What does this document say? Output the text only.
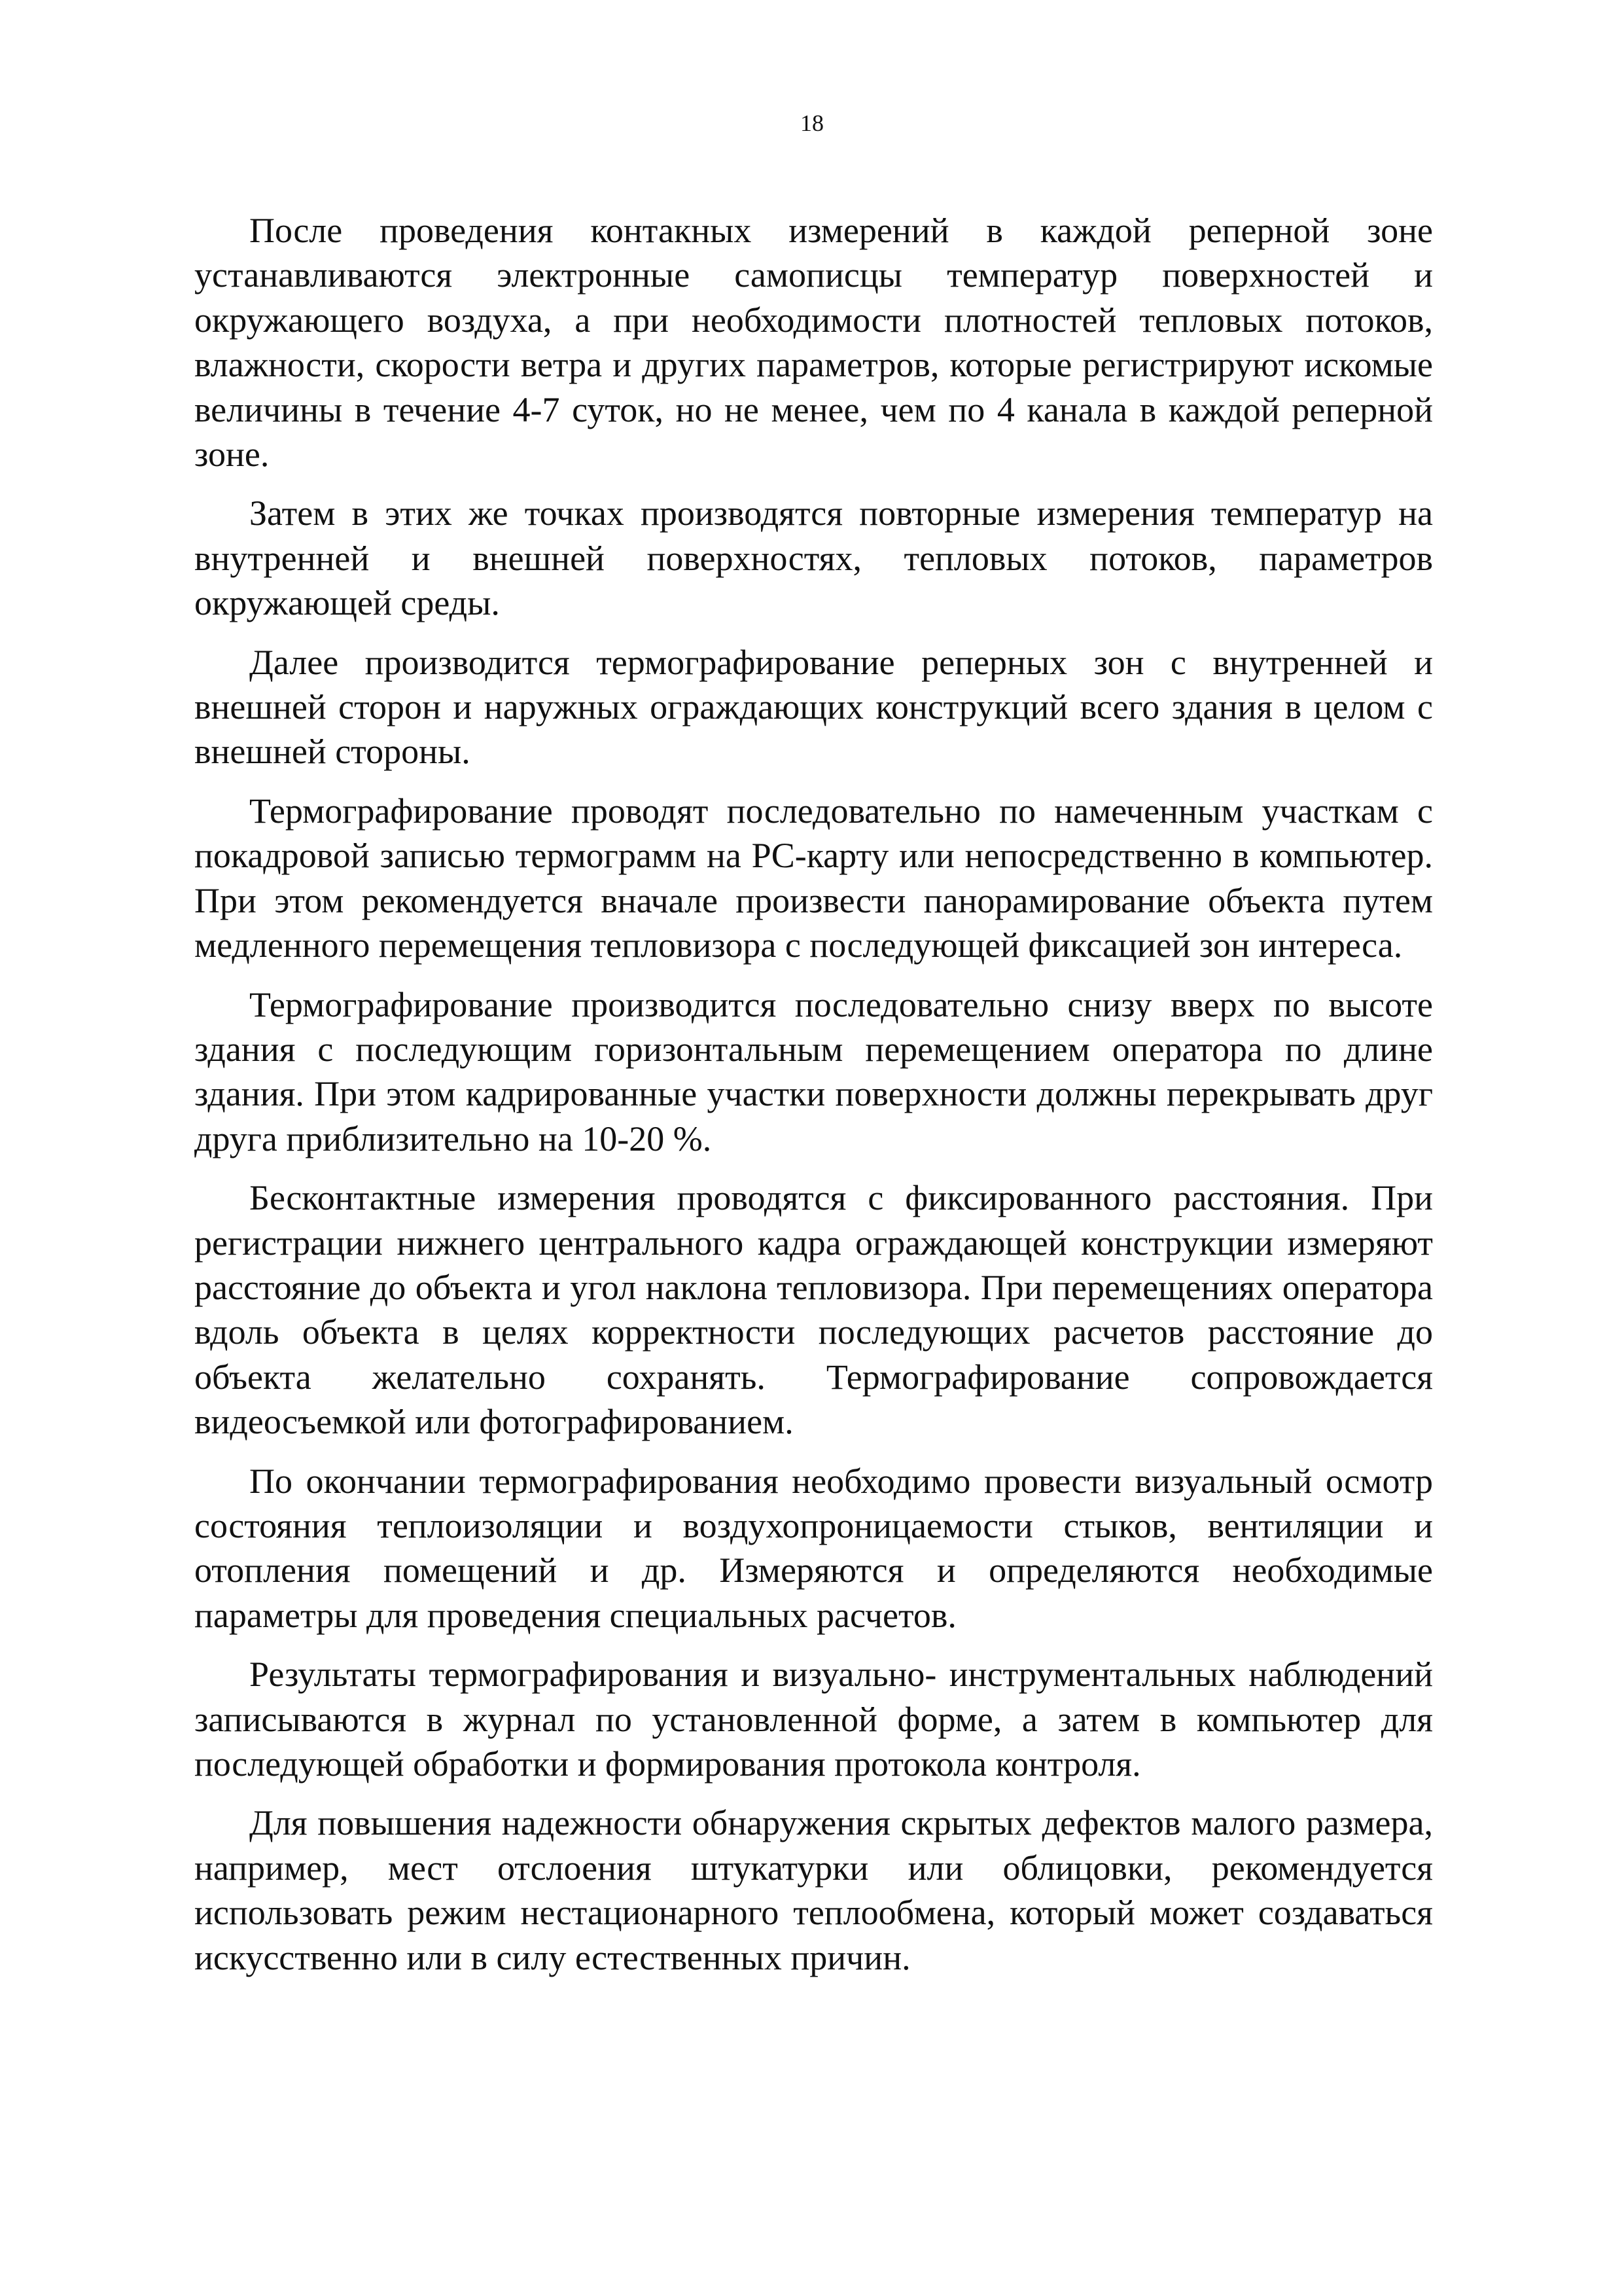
18

После проведения контакных измерений в каждой реперной зоне устанавливаются электронные самописцы температур поверхностей и окружающего воздуха, а при необходимости плотностей тепловых потоков, влажности, скорости ветра и других параметров, которые регистрируют искомые величины в течение 4-7 суток, но не менее, чем по 4 канала в каждой реперной зоне.

Затем в этих же точках производятся повторные измерения температур на внутренней и внешней поверхностях, тепловых потоков, параметров окружающей среды.

Далее производится термографирование реперных зон с внутренней и внешней сторон и наружных ограждающих конструкций всего здания в целом с внешней стороны.

Термографирование проводят последовательно по намеченным участкам с покадровой записью термограмм на PC-карту или непосредственно в компьютер. При этом рекомендуется вначале произвести панорамирование объекта путем медленного перемещения тепловизора с последующей фиксацией зон интереса.

Термографирование производится последовательно снизу вверх по высоте здания с последующим горизонтальным перемещением оператора по длине здания. При этом кадрированные участки поверхности должны перекрывать друг друга приблизительно на 10-20 %.

Бесконтактные измерения проводятся с фиксированного расстояния. При регистрации нижнего центрального кадра ограждающей конструкции измеряют расстояние до объекта и угол наклона тепловизора. При перемещениях оператора вдоль объекта в целях корректности последующих расчетов расстояние до объекта желательно сохранять. Термографирование сопровождается видеосъемкой или фотографированием.

По окончании термографирования необходимо провести визуальный осмотр состояния теплоизоляции и воздухопроницаемости стыков, вентиляции и отопления помещений и др. Измеряются и определяются необходимые параметры для проведения специальных расчетов.

Результаты термографирования и визуально- инструментальных наблюдений записываются в журнал по установленной форме, а затем в компьютер для последующей обработки и формирования протокола контроля.

Для повышения надежности обнаружения скрытых дефектов малого размера, например, мест отслоения штукатурки или облицовки, рекомендуется использовать режим нестационарного теплообмена, который может создаваться искусственно или в силу естественных причин.
